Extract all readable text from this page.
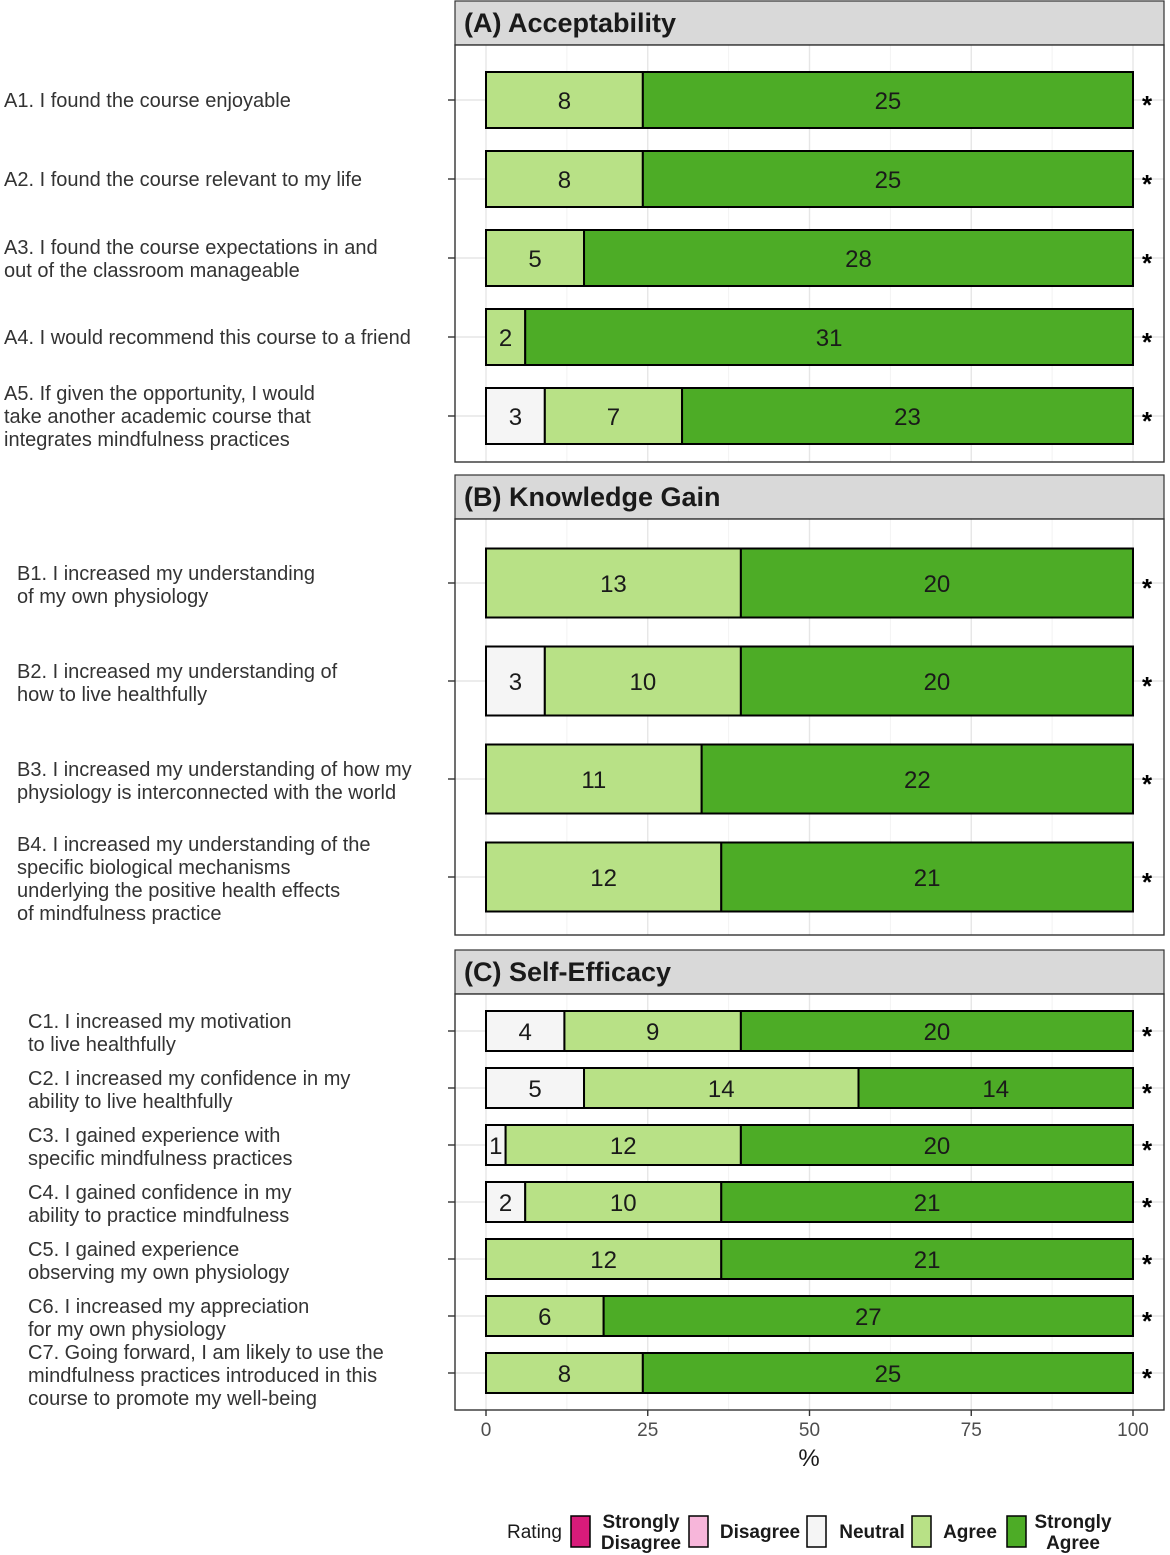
(A) Acceptability
A1. I found the course enjoyable	8	25	*
A2. I found the course relevant to my life	8	25	*
A3. I found the course expectations in and
out of the classroom manageable	5	28	*
A4. I would recommend this course to a friend	2	31	*
A5. If given the opportunity, I would
take another academic course that
integrates mindfulness practices
3	7	23	*
(B) Knowledge Gain
B1. I increased my understanding
of my own physiology	13	20	*
B2. I increased my understanding of
how to live healthfully	3	10	20	*
B3. I increased my understanding of how my
physiology is interconnected with the world	11	22	*
B4. I increased my understanding of the
specific biological mechanisms
underlying the positive health effects
of mindfulness practice
12	21	*
(C) Self-Efficacy
C1. I increased my motivation
to live healthfully	4	9	20	*
C2. I increased my confidence in my
ability to live healthfully	5	14	14	*
C3. I gained experience with
specific mindfulness practices	1	12	20	*
C4. I gained confidence in my
ability to practice mindfulness	2	10	21	*
C5. I gained experience
observing my own physiology	12	21	*
C6. I increased my appreciation
for my own physiology	6	27	*
C7. Going forward, I am likely to use the
mindfulness practices introduced in this
course to promote my well-being
8	25	*
0	25	50	75	100
%
Rating Strongly Disagree
Disagree Neutral Agree Strongly Agree
